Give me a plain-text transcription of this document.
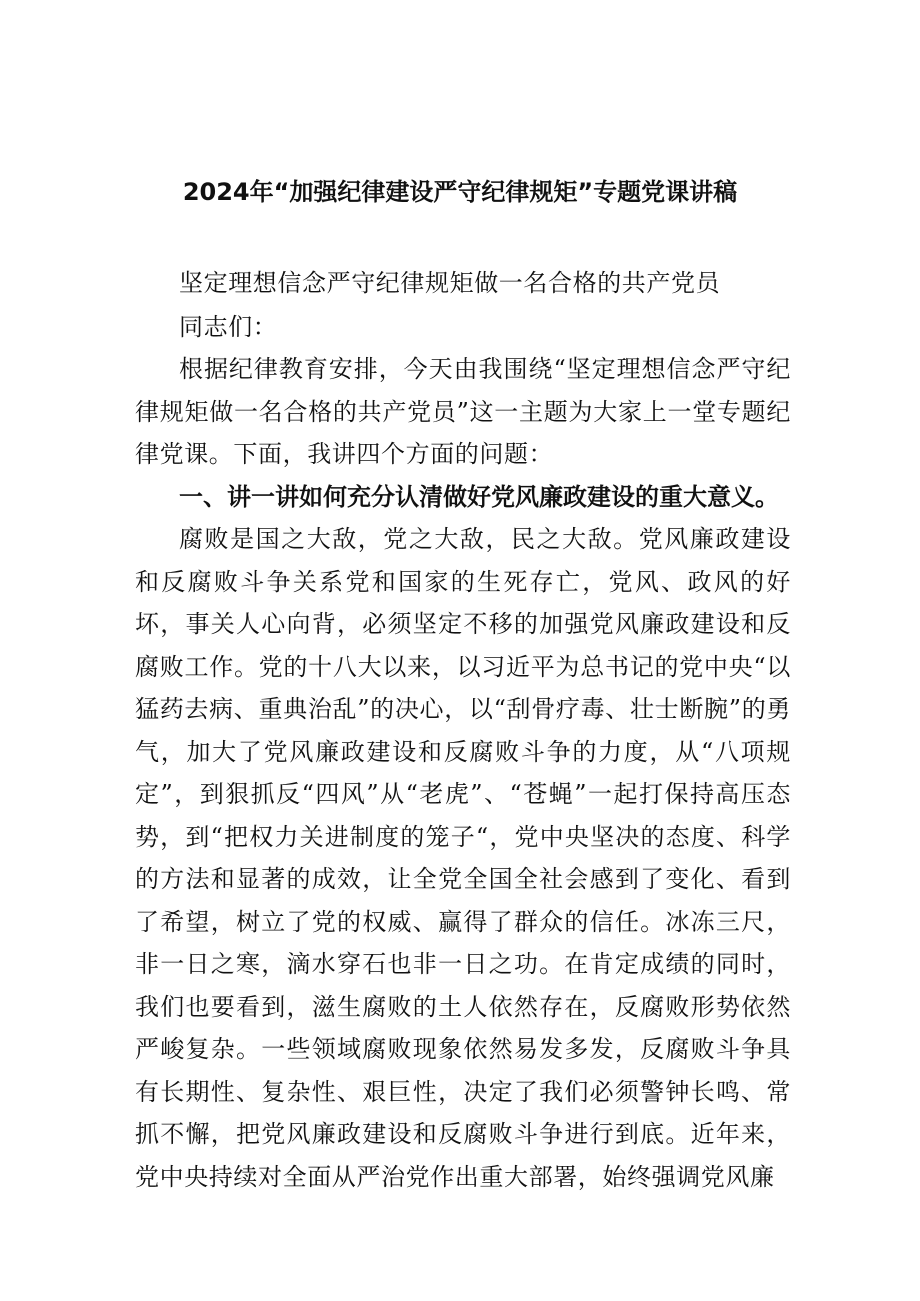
2024年“加强纪律建设严守纪律规矩”专题党课讲稿
坚定理想信念严守纪律规矩做一名合格的共产党员
同志们：
根据纪律教育安排，今天由我围绕“坚定理想信念严守纪律规矩做一名合格的共产党员”这一主题为大家上一堂专题纪律党课。下面，我讲四个方面的问题：
一、讲一讲如何充分认清做好党风廉政建设的重大意义。
腐败是国之大敌，党之大敌，民之大敌。党风廉政建设和反腐败斗争关系党和国家的生死存亡，党风、政风的好坏，事关人心向背，必须坚定不移的加强党风廉政建设和反腐败工作。党的十八大以来，以习近平为总书记的党中央“以猛药去病、重典治乱”的决心，以“刮骨疗毒、壮士断腕”的勇气，加大了党风廉政建设和反腐败斗争的力度，从“八项规定”，到狠抓反“四风”从“老虎”、“苍蝇”一起打保持高压态势，到“把权力关进制度的笼子“，党中央坚决的态度、科学的方法和显著的成效，让全党全国全社会感到了变化、看到了希望，树立了党的权威、赢得了群众的信任。冰冻三尺，非一日之寒，滴水穿石也非一日之功。在肯定成绩的同时，我们也要看到，滋生腐败的土人依然存在，反腐败形势依然严峻复杂。一些领域腐败现象依然易发多发，反腐败斗争具有长期性、复杂性、艰巨性，决定了我们必须警钟长鸣、常抓不懈，把党风廉政建设和反腐败斗争进行到底。近年来，党中央持续对全面从严治党作出重大部署，始终强调党风廉
